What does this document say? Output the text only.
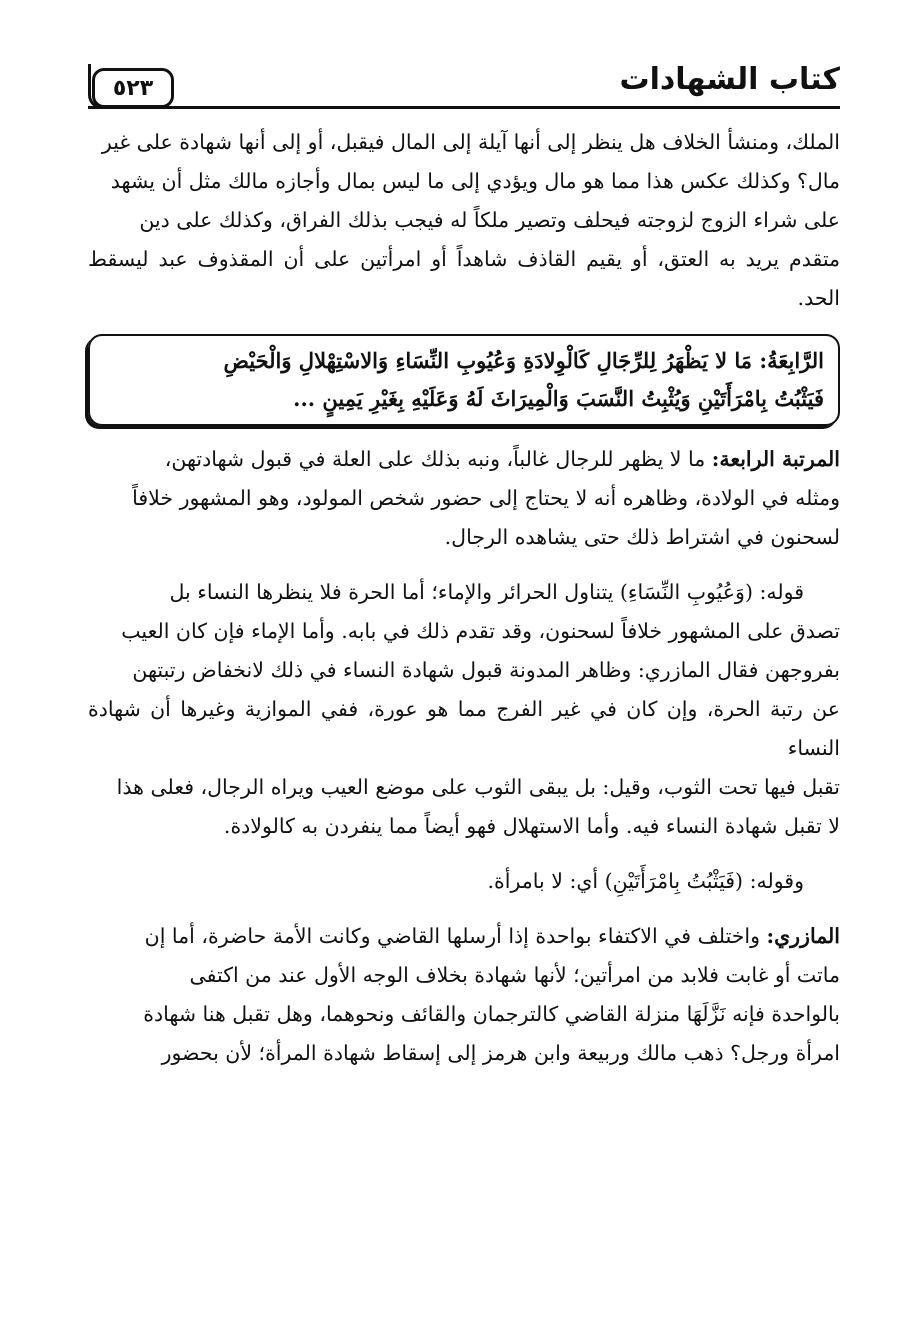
كتاب الشهادات
٥٢٣

الملك، ومنشأ الخلاف هل ينظر إلى أنها آيلة إلى المال فيقبل، أو إلى أنها شهادة على غير

مال؟ وكذلك عكس هذا مما هو مال ويؤدي إلى ما ليس بمال وأجازه مالك مثل أن يشهد

على شراء الزوج لزوجته فيحلف وتصير ملكاً له فيجب بذلك الفراق، وكذلك على دين

متقدم يريد به العتق، أو يقيم القاذف شاهداً أو امرأتين على أن المقذوف عبد ليسقط الحد.

الرَّابِعَةُ: مَا لا يَظْهَرُ لِلرِّجَالِ كَالْوِلادَةِ وَعُيُوبِ النِّسَاءِ وَالاسْتِهْلالِ وَالْحَيْضِ

فَيَثْبُتُ بِامْرَأَتَيْنِ وَيُثْبِتُ النَّسَبَ وَالْمِيرَاثَ لَهُ وَعَلَيْهِ بِغَيْرِ يَمِينٍ ...

المرتبة الرابعة: ما لا يظهر للرجال غالباً، ونبه بذلك على العلة في قبول شهادتهن،

ومثله في الولادة، وظاهره أنه لا يحتاج إلى حضور شخص المولود، وهو المشهور خلافاً

لسحنون في اشتراط ذلك حتى يشاهده الرجال.

قوله: (وَعُيُوبِ النِّسَاءِ) يتناول الحرائر والإماء؛ أما الحرة فلا ينظرها النساء بل

تصدق على المشهور خلافاً لسحنون، وقد تقدم ذلك في بابه. وأما الإماء فإن كان العيب

بفروجهن فقال المازري: وظاهر المدونة قبول شهادة النساء في ذلك لانخفاض رتبتهن

عن رتبة الحرة، وإن كان في غير الفرج مما هو عورة، ففي الموازية وغيرها أن شهادة النساء

تقبل فيها تحت الثوب، وقيل: بل يبقى الثوب على موضع العيب ويراه الرجال، فعلى هذا

لا تقبل شهادة النساء فيه. وأما الاستهلال فهو أيضاً مما ينفردن به كالولادة.

وقوله: (فَيَثْبُتُ بِامْرَأَتَيْنِ) أي: لا بامرأة.

المازري: واختلف في الاكتفاء بواحدة إذا أرسلها القاضي وكانت الأمة حاضرة، أما إن

ماتت أو غابت فلابد من امرأتين؛ لأنها شهادة بخلاف الوجه الأول عند من اكتفى

بالواحدة فإنه نَزَّلَهَا منزلة القاضي كالترجمان والقائف ونحوهما، وهل تقبل هنا شهادة

امرأة ورجل؟ ذهب مالك وربيعة وابن هرمز إلى إسقاط شهادة المرأة؛ لأن بحضور
